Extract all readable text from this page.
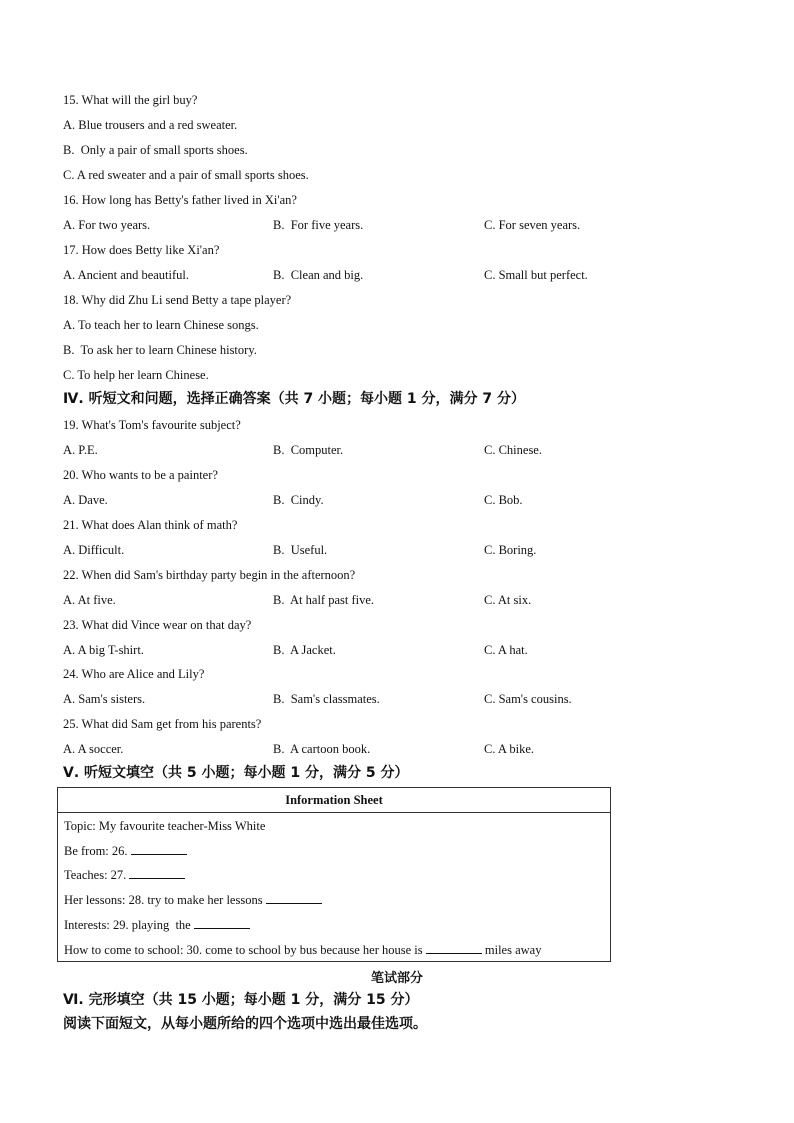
15. What will the girl buy?
A. Blue trousers and a red sweater.
B.  Only a pair of small sports shoes.
C. A red sweater and a pair of small sports shoes.
16. How long has Betty's father lived in Xi'an?
A. For two years.	B.  For five years.	C. For seven years.
17. How does Betty like Xi'an?
A. Ancient and beautiful.	B.  Clean and big.	C. Small but perfect.
18. Why did Zhu Li send Betty a tape player?
A. To teach her to learn Chinese songs.
B.  To ask her to learn Chinese history.
C. To help her learn Chinese.
Ⅳ. 听短文和问题，选择正确答案（共 7 小题；每小题 1 分，满分 7 分）
19. What's Tom's favourite subject?
A. P.E.	B.  Computer.	C. Chinese.
20. Who wants to be a painter?
A. Dave.	B.  Cindy.	C. Bob.
21. What does Alan think of math?
A. Difficult.	B.  Useful.	C. Boring.
22. When did Sam's birthday party begin in the afternoon?
A. At five.	B.  At half past five.	C. At six.
23. What did Vince wear on that day?
A. A big T-shirt.	B.  A Jacket.	C. A hat.
24. Who are Alice and Lily?
A. Sam's sisters.	B.  Sam's classmates.	C. Sam's cousins.
25. What did Sam get from his parents?
A. A soccer.	B.  A cartoon book.	C. A bike.
Ⅴ. 听短文填空（共 5 小题；每小题 1 分，满分 5 分）
Information Sheet
Topic: My favourite teacher-Miss White
Be from: 26.
Teaches: 27.
Her lessons: 28. try to make her lessons
Interests: 29. playing  the
How to come to school: 30. come to school by bus because her house is	miles away
笔试部分
Ⅵ. 完形填空（共 15 小题；每小题 1 分，满分 15 分）
阅读下面短文，从每小题所给的四个选项中选出最佳选项。
